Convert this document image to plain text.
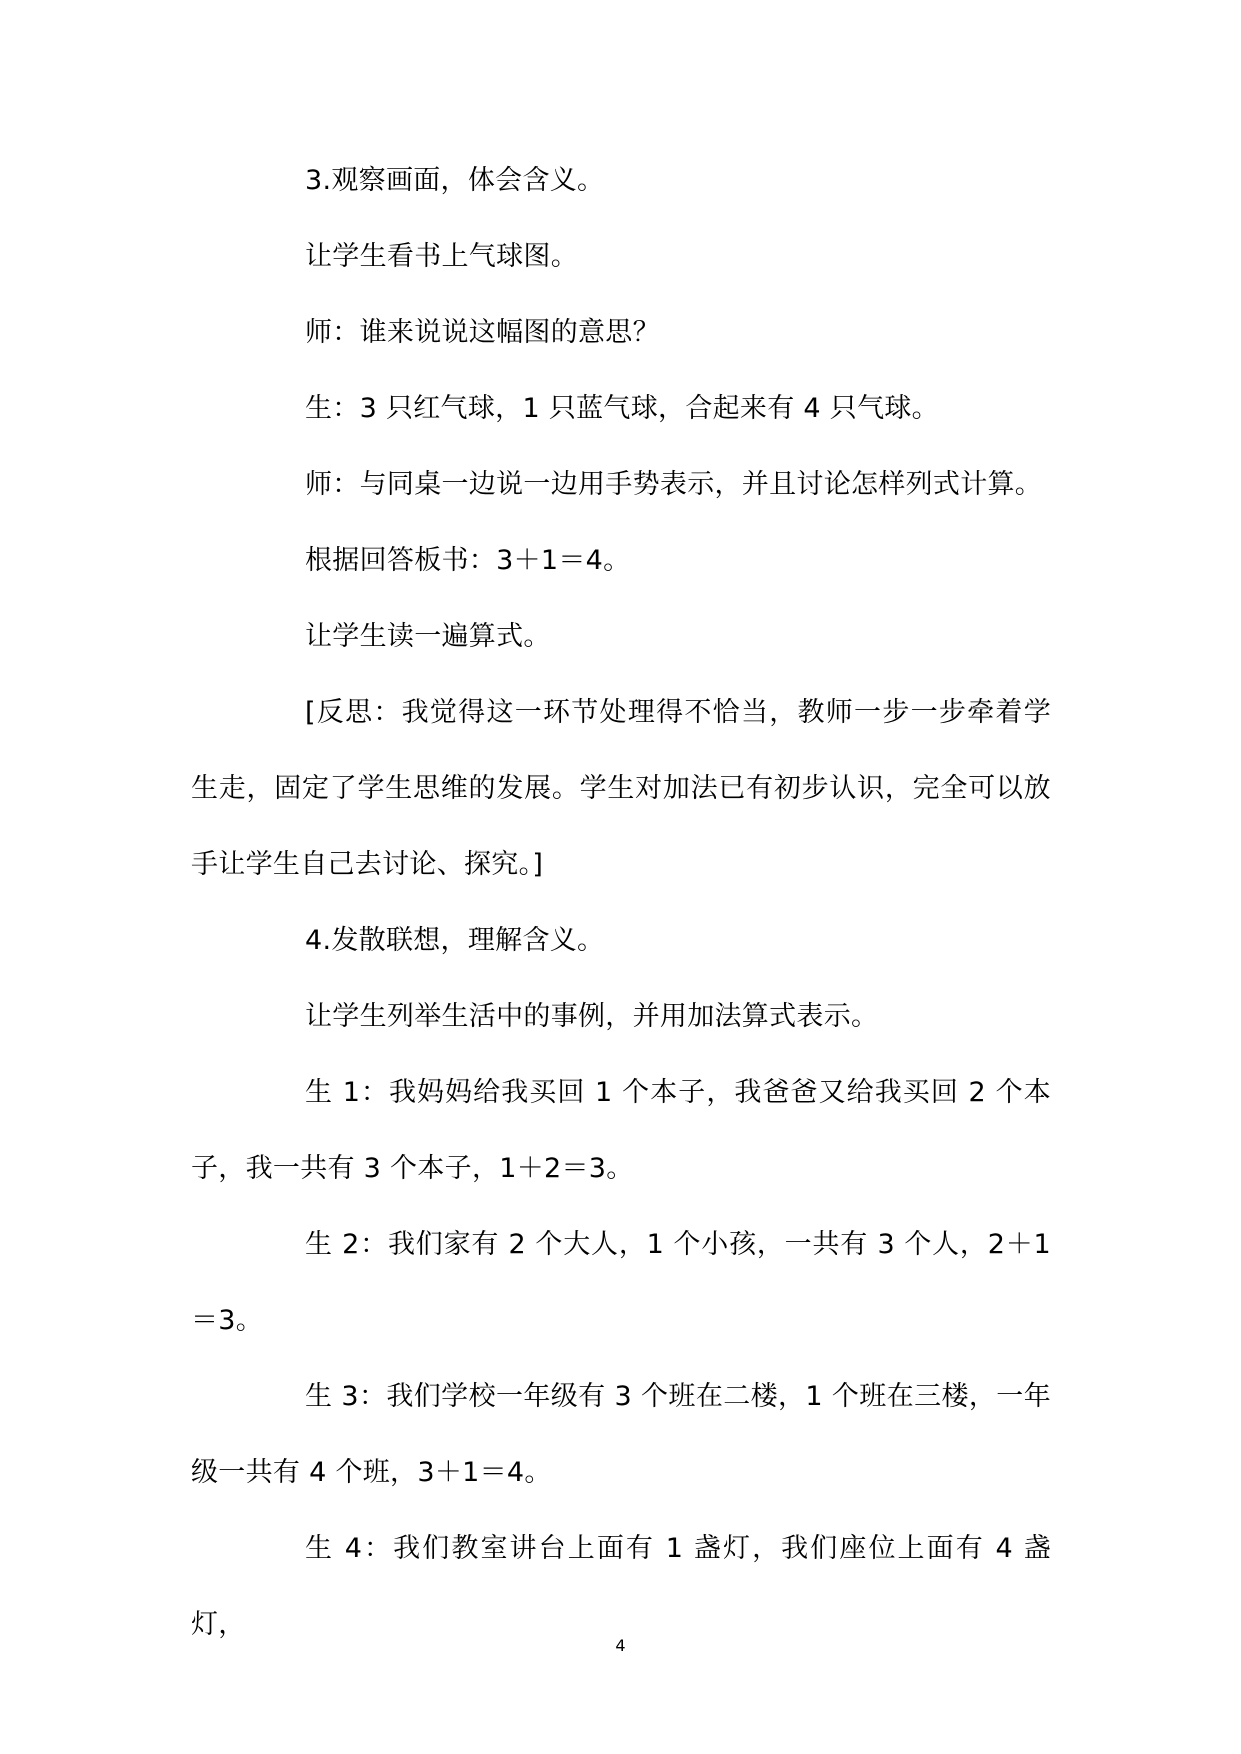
3.观察画面，体会含义。

让学生看书上气球图。

师：谁来说说这幅图的意思？

生：3 只红气球，1 只蓝气球，合起来有 4 只气球。

师：与同桌一边说一边用手势表示，并且讨论怎样列式计算。

根据回答板书：3＋1＝4。

让学生读一遍算式。

[反思：我觉得这一环节处理得不恰当，教师一步一步牵着学生走，固定了学生思维的发展。学生对加法已有初步认识，完全可以放手让学生自己去讨论、探究。]

4.发散联想，理解含义。

让学生列举生活中的事例，并用加法算式表示。

生 1：我妈妈给我买回 1 个本子，我爸爸又给我买回 2 个本子，我一共有 3 个本子，1＋2＝3。

生 2：我们家有 2 个大人，1 个小孩，一共有 3 个人，2＋1＝3。

生 3：我们学校一年级有 3 个班在二楼，1 个班在三楼，一年级一共有 4 个班，3＋1＝4。

生 4：我们教室讲台上面有 1 盏灯，我们座位上面有 4 盏灯，

4
